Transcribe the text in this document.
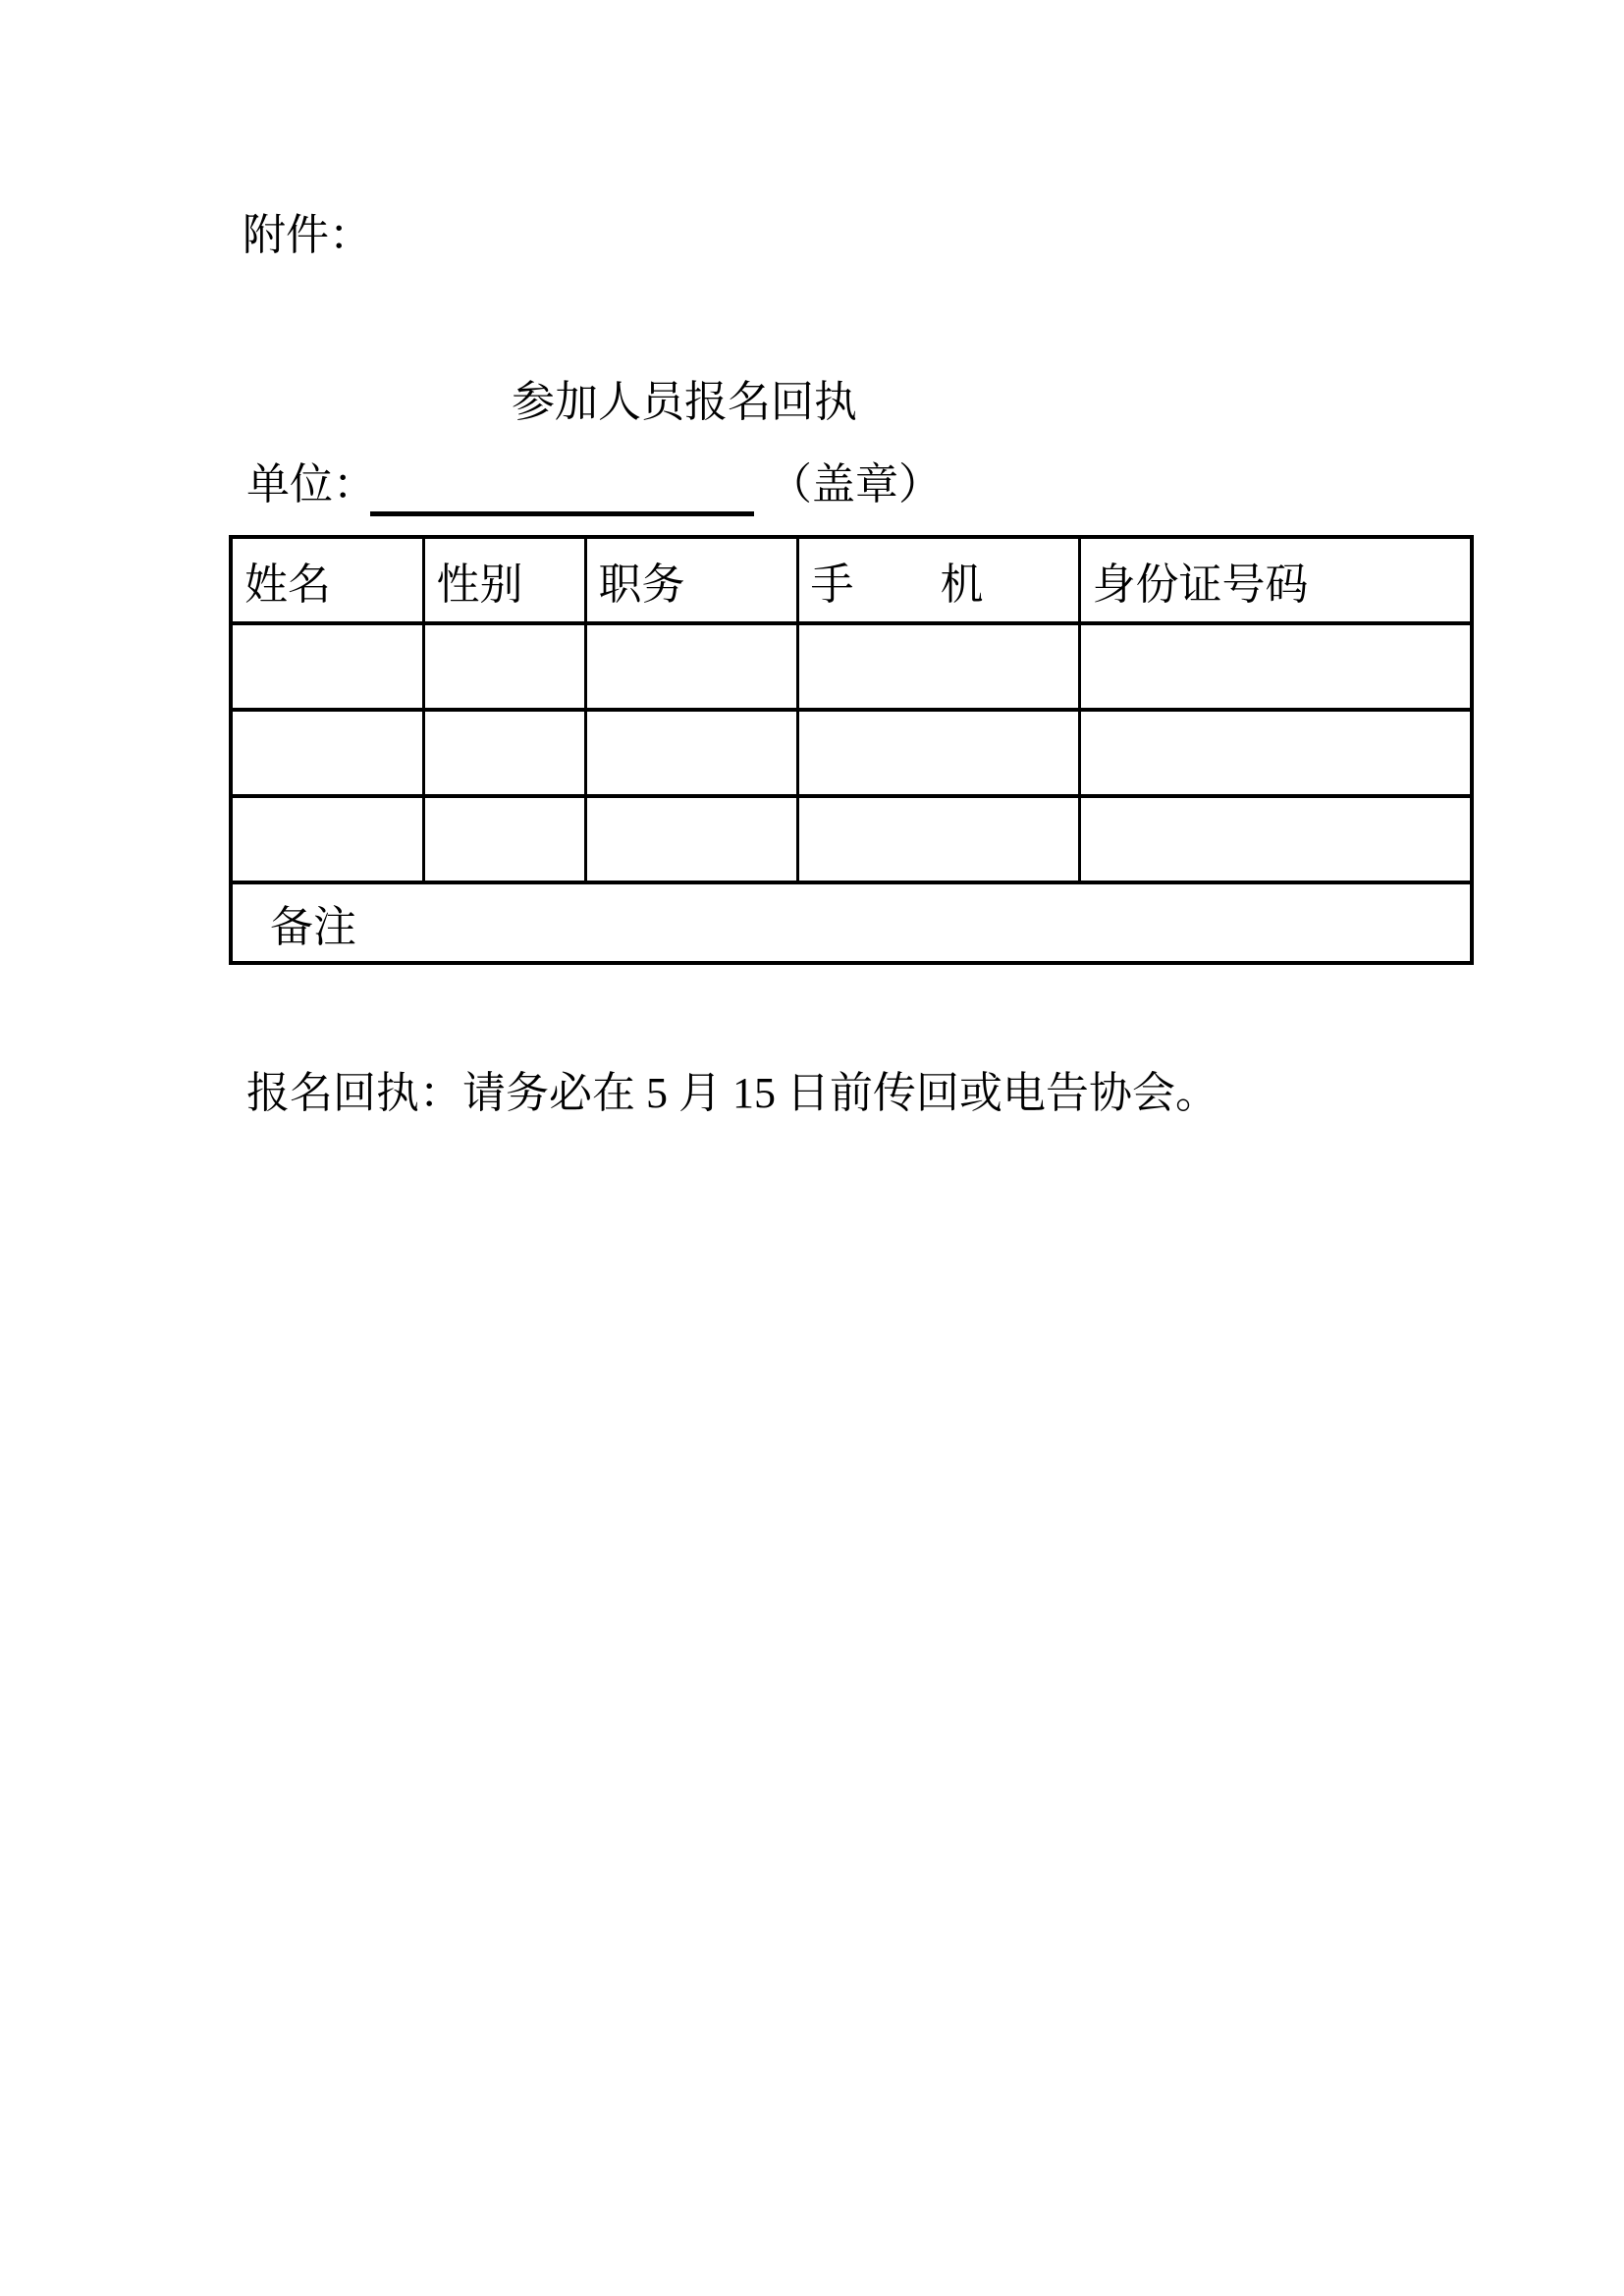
附件：
参加人员报名回执
单位：	（盖章）
姓名	性别	职务	手　　机	身份证号码

备注				
报名回执：请务必在 5 月 15 日前传回或电告协会。
